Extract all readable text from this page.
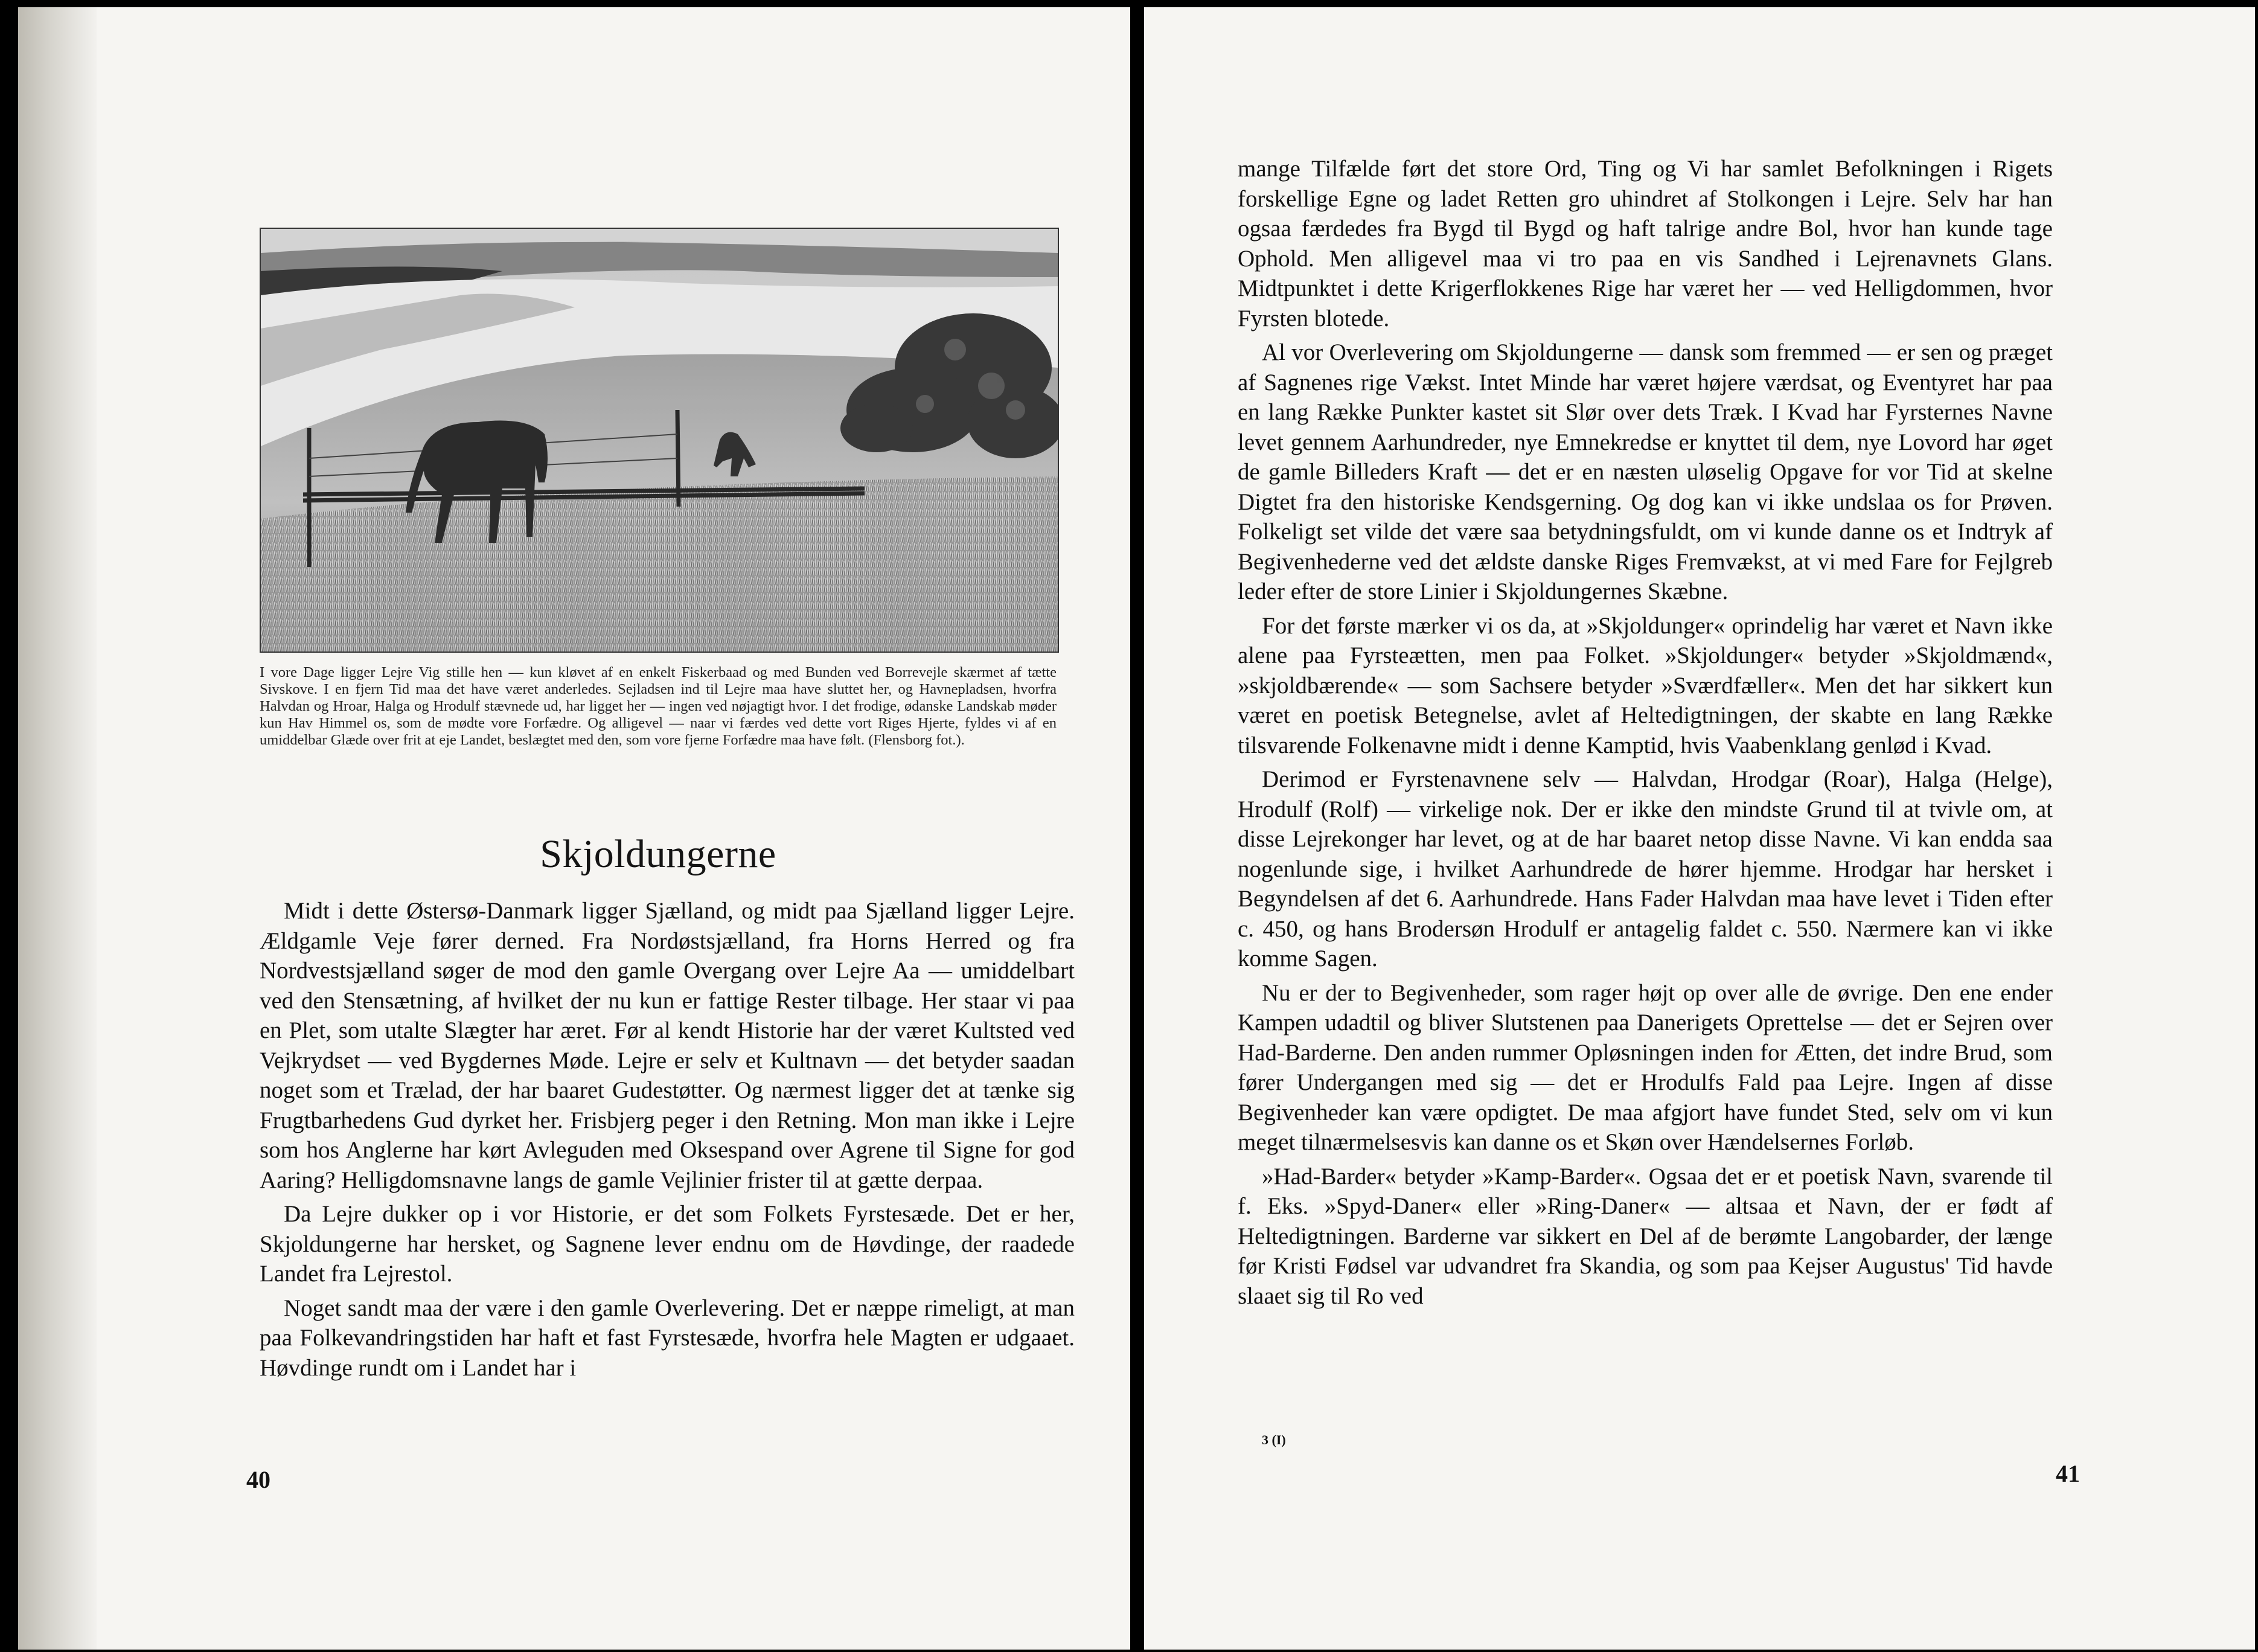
I vore Dage ligger Lejre Vig stille hen — kun kløvet af en enkelt Fiskerbaad og med Bunden ved Borrevejle skærmet af tætte Sivskove. I en fjern Tid maa det have været anderledes. Sejladsen ind til Lejre maa have sluttet her, og Havnepladsen, hvorfra Halvdan og Hroar, Halga og Hrodulf stævnede ud, har ligget her — ingen ved nøjagtigt hvor. I det frodige, ødanske Landskab møder kun Hav Himmel os, som de mødte vore Forfædre. Og alligevel — naar vi færdes ved dette vort Riges Hjerte, fyldes vi af en umiddelbar Glæde over frit at eje Landet, beslægtet med den, som vore fjerne Forfædre maa have følt. (Flensborg fot.).
Skjoldungerne

Midt i dette Østersø-Danmark ligger Sjælland, og midt paa Sjælland ligger Lejre. Ældgamle Veje fører derned. Fra Nordøstsjælland, fra Horns Herred og fra Nordvestsjælland søger de mod den gamle Overgang over Lejre Aa — umiddelbart ved den Stensætning, af hvilket der nu kun er fattige Rester tilbage. Her staar vi paa en Plet, som utalte Slægter har æret. Før al kendt Historie har der været Kultsted ved Vejkrydset — ved Bygdernes Møde. Lejre er selv et Kultnavn — det betyder saadan noget som et Trælad, der har baaret Gudestøtter. Og nærmest ligger det at tænke sig Frugtbarhedens Gud dyrket her. Frisbjerg peger i den Retning. Mon man ikke i Lejre som hos Anglerne har kørt Avleguden med Oksespand over Agrene til Signe for god Aaring? Helligdomsnavne langs de gamle Vejlinier frister til at gætte derpaa.

Da Lejre dukker op i vor Historie, er det som Folkets Fyrstesæde. Det er her, Skjoldungerne har hersket, og Sagnene lever endnu om de Høvdinge, der raadede Landet fra Lejrestol.

Noget sandt maa der være i den gamle Overlevering. Det er næppe rimeligt, at man paa Folkevandringstiden har haft et fast Fyrstesæde, hvorfra hele Magten er udgaaet. Høvdinge rundt om i Landet har i

40

mange Tilfælde ført det store Ord, Ting og Vi har samlet Befolkningen i Rigets forskellige Egne og ladet Retten gro uhindret af Stolkongen i Lejre. Selv har han ogsaa færdedes fra Bygd til Bygd og haft talrige andre Bol, hvor han kunde tage Ophold. Men alligevel maa vi tro paa en vis Sandhed i Lejrenavnets Glans. Midtpunktet i dette Krigerflokkenes Rige har været her — ved Helligdommen, hvor Fyrsten blotede.

Al vor Overlevering om Skjoldungerne — dansk som fremmed — er sen og præget af Sagnenes rige Vækst. Intet Minde har været højere værdsat, og Eventyret har paa en lang Række Punkter kastet sit Slør over dets Træk. I Kvad har Fyrsternes Navne levet gennem Aarhundreder, nye Emnekredse er knyttet til dem, nye Lovord har øget de gamle Billeders Kraft — det er en næsten uløselig Opgave for vor Tid at skelne Digtet fra den historiske Kendsgerning. Og dog kan vi ikke undslaa os for Prøven. Folkeligt set vilde det være saa betydningsfuldt, om vi kunde danne os et Indtryk af Begivenhederne ved det ældste danske Riges Fremvækst, at vi med Fare for Fejlgreb leder efter de store Linier i Skjoldungernes Skæbne.

For det første mærker vi os da, at »Skjoldunger« oprindelig har været et Navn ikke alene paa Fyrsteætten, men paa Folket. »Skjoldunger« betyder »Skjoldmænd«, »skjoldbærende« — som Sachsere betyder »Sværdfæller«. Men det har sikkert kun været en poetisk Betegnelse, avlet af Heltedigtningen, der skabte en lang Række tilsvarende Folkenavne midt i denne Kamptid, hvis Vaabenklang genlød i Kvad.

Derimod er Fyrstenavnene selv — Halvdan, Hrodgar (Roar), Halga (Helge), Hrodulf (Rolf) — virkelige nok. Der er ikke den mindste Grund til at tvivle om, at disse Lejrekonger har levet, og at de har baaret netop disse Navne. Vi kan endda saa nogenlunde sige, i hvilket Aarhundrede de hører hjemme. Hrodgar har hersket i Begyndelsen af det 6. Aarhundrede. Hans Fader Halvdan maa have levet i Tiden efter c. 450, og hans Brodersøn Hrodulf er antagelig faldet c. 550. Nærmere kan vi ikke komme Sagen.

Nu er der to Begivenheder, som rager højt op over alle de øvrige. Den ene ender Kampen udadtil og bliver Slutstenen paa Danerigets Oprettelse — det er Sejren over Had-Barderne. Den anden rummer Opløsningen inden for Ætten, det indre Brud, som fører Undergangen med sig — det er Hrodulfs Fald paa Lejre. Ingen af disse Begivenheder kan være opdigtet. De maa afgjort have fundet Sted, selv om vi kun meget tilnærmelsesvis kan danne os et Skøn over Hændelsernes Forløb.

»Had-Barder« betyder »Kamp-Barder«. Ogsaa det er et poetisk Navn, svarende til f. Eks. »Spyd-Daner« eller »Ring-Daner« — altsaa et Navn, der er født af Heltedigtningen. Barderne var sikkert en Del af de berømte Langobarder, der længe før Kristi Fødsel var udvandret fra Skandia, og som paa Kejser Augustus' Tid havde slaaet sig til Ro ved

3 (I)
41
